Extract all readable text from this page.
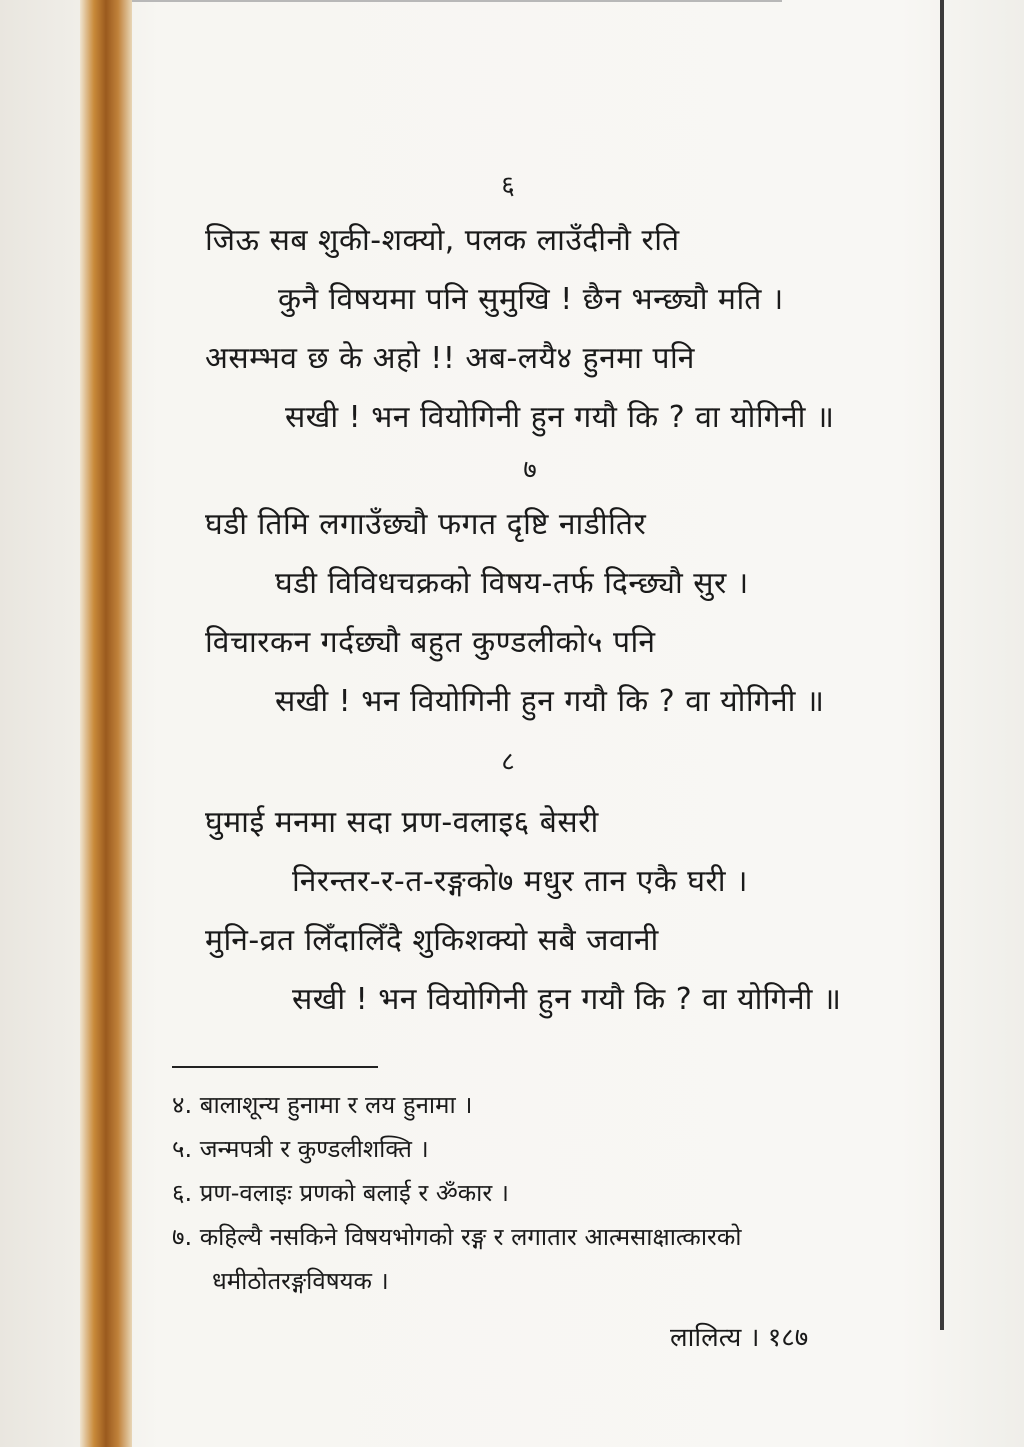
६
जिऊ सब शुकी-शक्यो, पलक लाउँदीनौ रति
कुनै विषयमा पनि सुमुखि ! छैन भन्छ्यौ मति ।
असम्भव छ के अहो !! अब-लयै४ हुनमा पनि
सखी ! भन वियोगिनी हुन गयौ कि ? वा योगिनी ॥
७
घडी तिमि लगाउँछ्यौ फगत दृष्टि नाडीतिर
घडी विविधचक्रको विषय-तर्फ दिन्छ्यौ सुर ।
विचारकन गर्दछ्यौ बहुत कुण्डलीको५ पनि
सखी ! भन वियोगिनी हुन गयौ कि ? वा योगिनी ॥
८
घुमाई मनमा सदा प्रण-वलाइ६ बेसरी
निरन्तर-र-त-रङ्गको७ मधुर तान एकै घरी ।
मुनि-व्रत लिँदालिँदै शुकिशक्यो सबै जवानी
सखी ! भन वियोगिनी हुन गयौ कि ? वा योगिनी ॥
४. बालाशून्य हुनामा र लय हुनामा ।
५. जन्मपत्री र कुण्डलीशक्ति ।
६. प्रण-वलाइः प्रणको बलाई र ॐकार ।
७. कहिल्यै नसकिने विषयभोगको रङ्ग र लगातार आत्मसाक्षात्कारको
धमीठोतरङ्गविषयक ।
लालित्य । १८७
